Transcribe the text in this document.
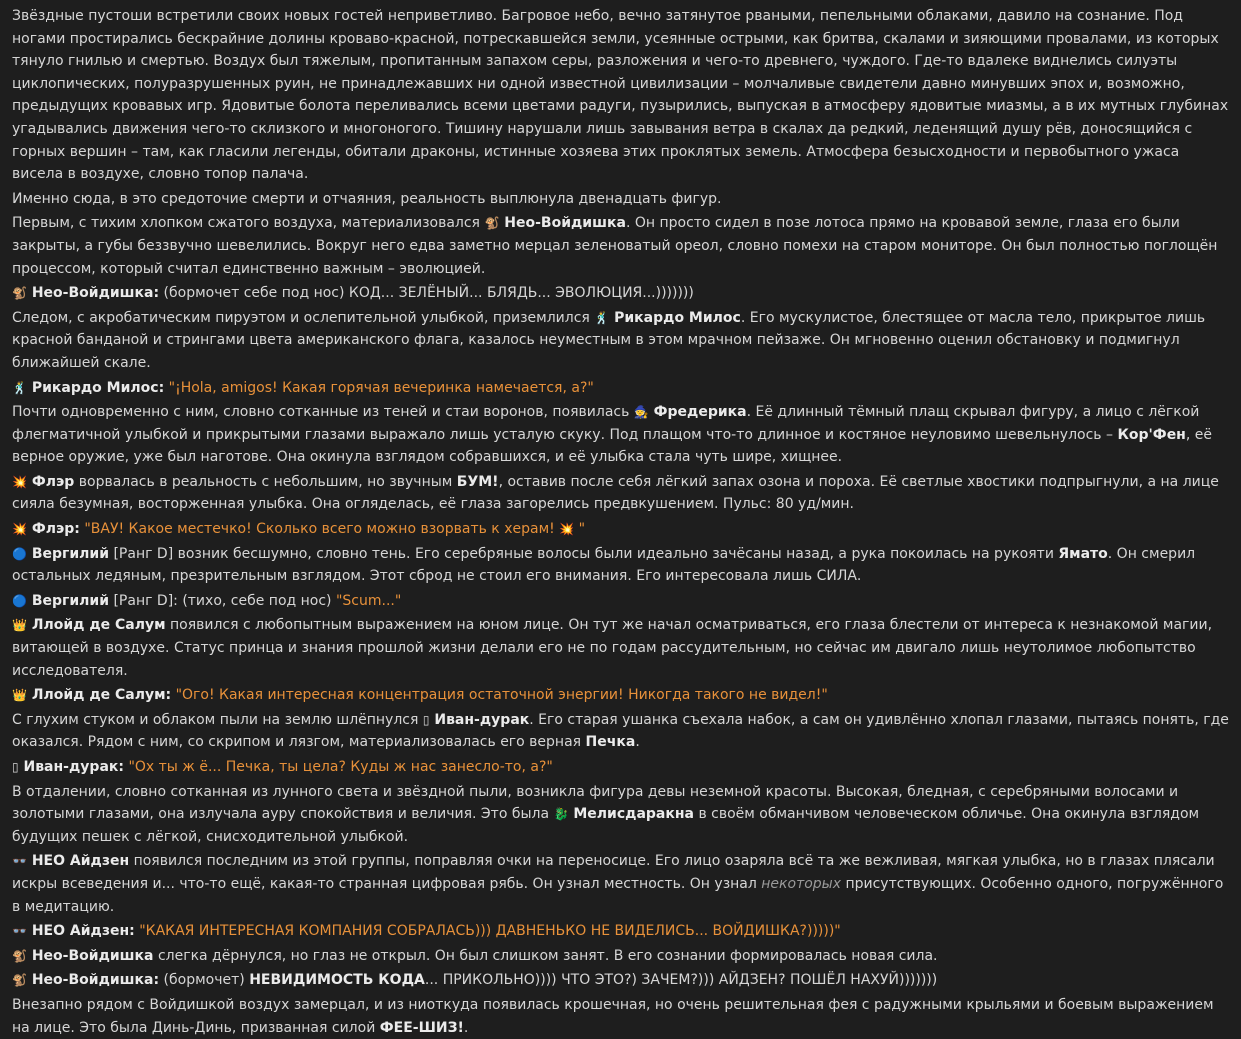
Звёздные пустоши встретили своих новых гостей неприветливо. Багровое небо, вечно затянутое рваными, пепельными облаками, давило на сознание. Под ногами простирались бескрайние долины кроваво-красной, потрескавшейся земли, усеянные острыми, как бритва, скалами и зияющими провалами, из которых тянуло гнилью и смертью. Воздух был тяжелым, пропитанным запахом серы, разложения и чего-то древнего, чуждого. Где-то вдалеке виднелись силуэты циклопических, полуразрушенных руин, не принадлежавших ни одной известной цивилизации – молчаливые свидетели давно минувших эпох и, возможно, предыдущих кровавых игр. Ядовитые болота переливались всеми цветами радуги, пузырились, выпуская в атмосферу ядовитые миазмы, а в их мутных глубинах угадывались движения чего-то склизкого и многоногого. Тишину нарушали лишь завывания ветра в скалах да редкий, леденящий душу рёв, доносящийся с горных вершин – там, как гласили легенды, обитали драконы, истинные хозяева этих проклятых земель. Атмосфера безысходности и первобытного ужаса висела в воздухе, словно топор палача.
Именно сюда, в это средоточие смерти и отчаяния, реальность выплюнула двенадцать фигур.
Первым, с тихим хлопком сжатого воздуха, материализовался 🐒 Нео-Войдишка. Он просто сидел в позе лотоса прямо на кровавой земле, глаза его были закрыты, а губы беззвучно шевелились. Вокруг него едва заметно мерцал зеленоватый ореол, словно помехи на старом мониторе. Он был полностью поглощён процессом, который считал единственно важным – эволюцией.
🐒 Нео-Войдишка: (бормочет себе под нос) КОД... ЗЕЛЁНЫЙ... БЛЯДЬ... ЭВОЛЮЦИЯ...)))))))
Следом, с акробатическим пируэтом и ослепительной улыбкой, приземлился 🕺 Рикардо Милос. Его мускулистое, блестящее от масла тело, прикрытое лишь красной банданой и стрингами цвета американского флага, казалось неуместным в этом мрачном пейзаже. Он мгновенно оценил обстановку и подмигнул ближайшей скале.
🕺 Рикардо Милос: "¡Hola, amigos! Какая горячая вечеринка намечается, а?"
Почти одновременно с ним, словно сотканные из теней и стаи воронов, появилась 🧙 Фредерика. Её длинный тёмный плащ скрывал фигуру, а лицо с лёгкой флегматичной улыбкой и прикрытыми глазами выражало лишь усталую скуку. Под плащом что-то длинное и костяное неуловимо шевельнулось – Кор'Фен, её верное оружие, уже был наготове. Она окинула взглядом собравшихся, и её улыбка стала чуть шире, хищнее.
💥 Флэр ворвалась в реальность с небольшим, но звучным БУМ!, оставив после себя лёгкий запах озона и пороха. Её светлые хвостики подпрыгнули, а на лице сияла безумная, восторженная улыбка. Она огляделась, её глаза загорелись предвкушением. Пульс: 80 уд/мин.
💥 Флэр: "ВАУ! Какое местечко! Сколько всего можно взорвать к херам! 💥 "
🔵 Вергилий [Ранг D] возник бесшумно, словно тень. Его серебряные волосы были идеально зачёсаны назад, а рука покоилась на рукояти Ямато. Он смерил остальных ледяным, презрительным взглядом. Этот сброд не стоил его внимания. Его интересовала лишь СИЛА.
🔵 Вергилий [Ранг D]: (тихо, себе под нос) "Scum..."
👑 Ллойд де Салум появился с любопытным выражением на юном лице. Он тут же начал осматриваться, его глаза блестели от интереса к незнакомой магии, витающей в воздухе. Статус принца и знания прошлой жизни делали его не по годам рассудительным, но сейчас им двигало лишь неутолимое любопытство исследователя.
👑 Ллойд де Салум: "Ого! Какая интересная концентрация остаточной энергии! Никогда такого не видел!"
С глухим стуком и облаком пыли на землю шлёпнулся ▯ Иван-дурак. Его старая ушанка съехала набок, а сам он удивлённо хлопал глазами, пытаясь понять, где оказался. Рядом с ним, со скрипом и лязгом, материализовалась его верная Печка.
▯ Иван-дурак: "Ох ты ж ё... Печка, ты цела? Куды ж нас занесло-то, а?"
В отдалении, словно сотканная из лунного света и звёздной пыли, возникла фигура девы неземной красоты. Высокая, бледная, с серебряными волосами и золотыми глазами, она излучала ауру спокойствия и величия. Это была 🐉 Мелисдаракна в своём обманчивом человеческом обличье. Она окинула взглядом будущих пешек с лёгкой, снисходительной улыбкой.
👓 НЕО Айдзен появился последним из этой группы, поправляя очки на переносице. Его лицо озаряла всё та же вежливая, мягкая улыбка, но в глазах плясали искры всеведения и... что-то ещё, какая-то странная цифровая рябь. Он узнал местность. Он узнал некоторых присутствующих. Особенно одного, погружённого в медитацию.
👓 НЕО Айдзен: "КАКАЯ ИНТЕРЕСНАЯ КОМПАНИЯ СОБРАЛАСЬ))) ДАВНЕНЬКО НЕ ВИДЕЛИСЬ... ВОЙДИШКА?)))))"
🐒 Нео-Войдишка слегка дёрнулся, но глаз не открыл. Он был слишком занят. В его сознании формировалась новая сила.
🐒 Нео-Войдишка: (бормочет) НЕВИДИМОСТЬ КОДА... ПРИКОЛЬНО)))) ЧТО ЭТО?) ЗАЧЕМ?))) АЙДЗЕН? ПОШЁЛ НАХУЙ)))))))
Внезапно рядом с Войдишкой воздух замерцал, и из ниоткуда появилась крошечная, но очень решительная фея с радужными крыльями и боевым выражением на лице. Это была Динь-Динь, призванная силой ФЕЕ-ШИЗ!.
